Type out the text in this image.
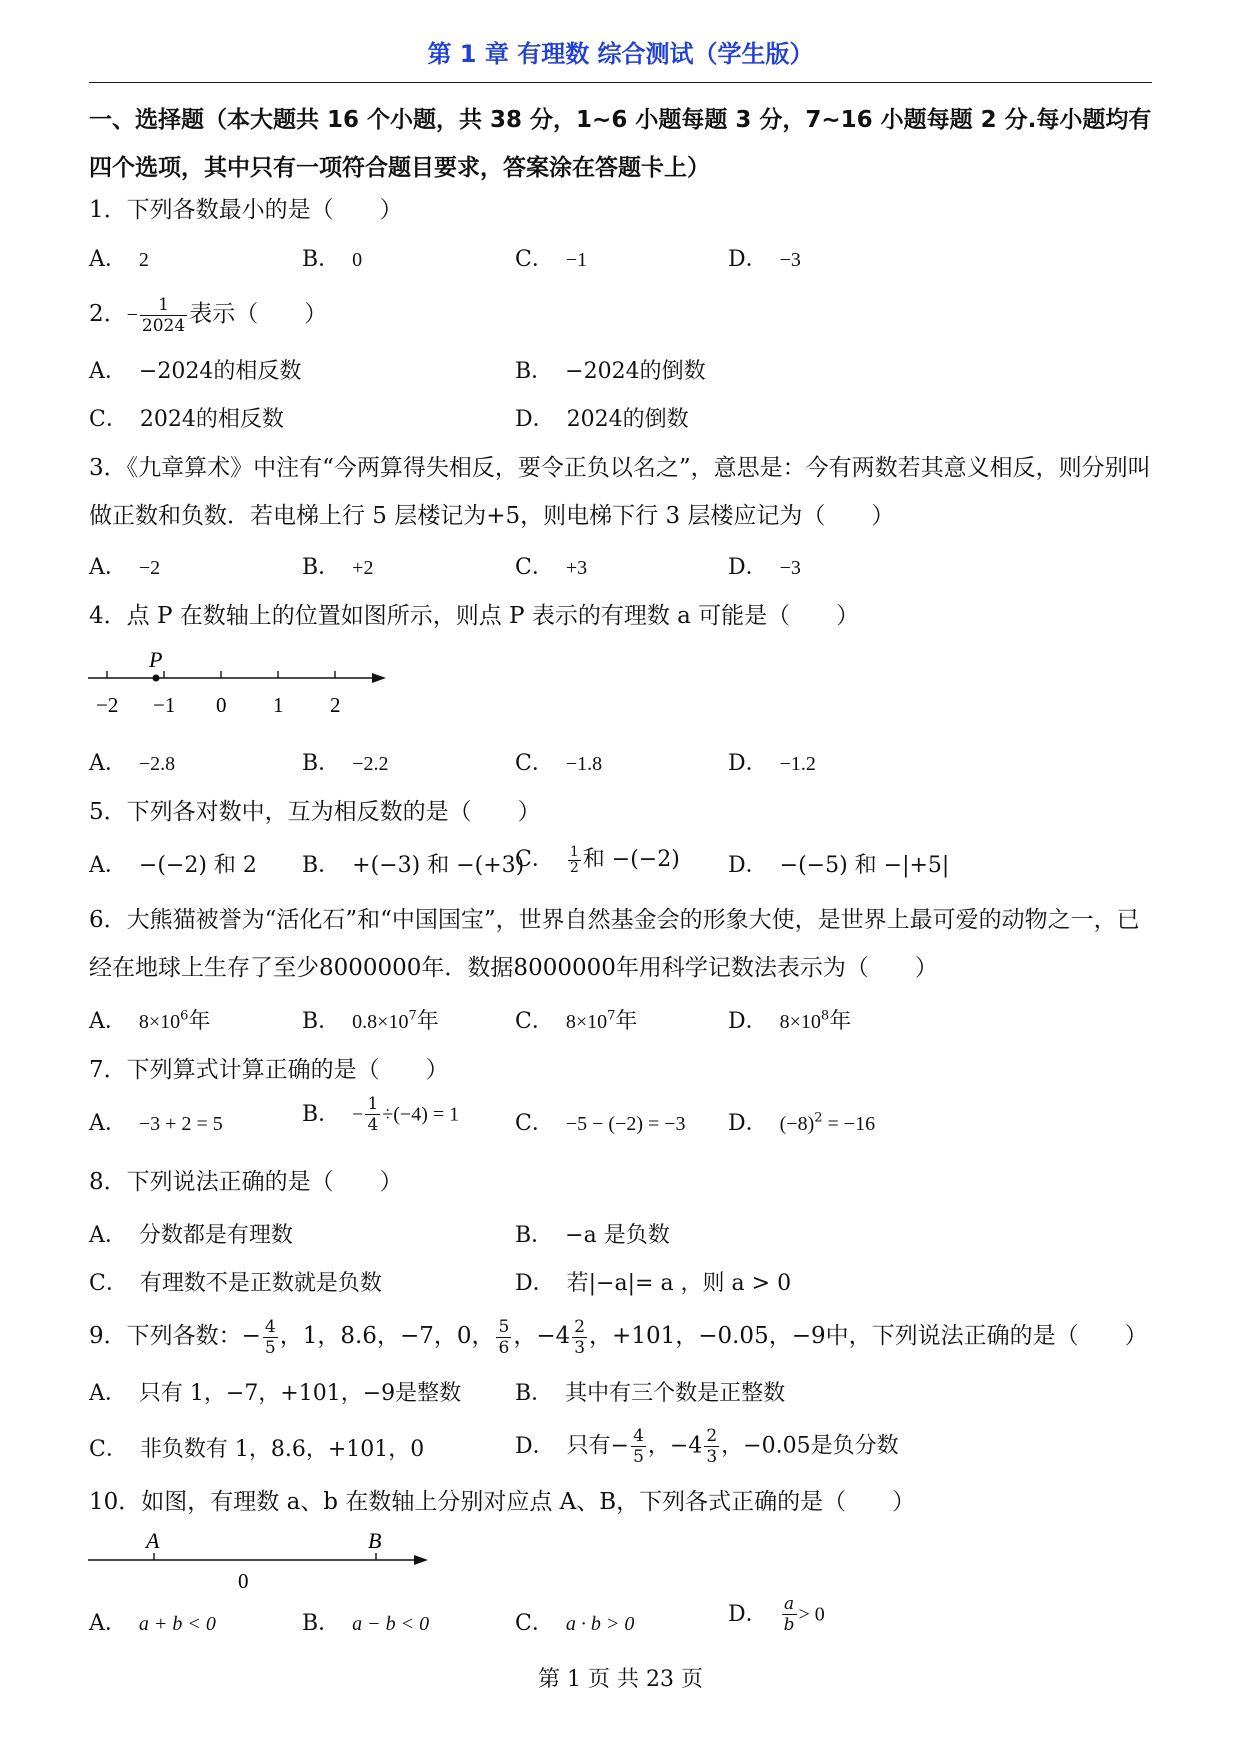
第 1 章 有理数 综合测试（学生版）
一、选择题（本大题共 16 个小题，共 38 分，1~6 小题每题 3 分，7~16 小题每题 2 分.每小题均有四个选项，其中只有一项符合题目要求，答案涂在答题卡上）
1．下列各数最小的是（　　）
A． 2	B． 0	C． −1	D． −3
2．− $\frac{1}{2024}$ 表示（　　）
A． −2024的相反数	B． −2024的倒数
C． 2024的相反数	D． 2024的倒数
3．《九章算术》中注有“今两算得失相反，要令正负以名之”，意思是：今有两数若其意义相反，则分别叫做正数和负数．若电梯上行 5 层楼记为+5，则电梯下行 3 层楼应记为（　　）
A． −2	B． +2	C． +3	D． −3
4．点 P 在数轴上的位置如图所示，则点 P 表示的有理数 a 可能是（　　）
P
−2 −1 0 1 2
A． −2.8	B． −2.2	C． −1.8	D． −1.2
5．下列各对数中，互为相反数的是（　　）
A． −(−2) 和 2 B． +(−3) 和 −(+3)
C． $\frac{1}{2}$ 和 −(−2) D． −(−5) 和 −|+5|
6．大熊猫被誉为“活化石”和“中国国宝”，世界自然基金会的形象大使，是世界上最可爱的动物之一，已经在地球上生存了至少8000000年．数据8000000年用科学记数法表示为（　　）
A． $8\times 10^6$年	B． $0.8\times 10^7$年	C． $8\times 10^7$年	D． $8\times 10^8$年
7．下列算式计算正确的是（　　）
A． −3 + 2 = 5	B． − $\frac{1}{4} \div(-4) = 1$	C． −5 − (−2) = −3 D． $(-8)^2 = -16$
8．下列说法正确的是（　　）
A． 分数都是有理数	B． −a 是负数
C． 有理数不是正数就是负数	D． 若|−a|= a ，则 a > 0
9．下列各数：− $\frac{4}{5}$ ，1，8.6，−7，0， $\frac{5}{6}$ ，$-4 \frac{2}{3}$ ，+101，−0.05，−9中，下列说法正确的是（　　）
A． 只有 1，−7，+101，−9是整数 B． 其中有三个数是正整数
C． 非负数有 1，8.6，+101，0	D． 只有− $\frac{4}{5}$ ，$-4 \frac{2}{3}$ ，−0.05是负分数
10．如图，有理数 a、b 在数轴上分别对应点 A、B，下列各式正确的是（　　）
A	B
0
A． a + b < 0	B． a − b < 0	C． a · b > 0	D． $\frac{a}{b} > 0$
第 1 页 共 23 页
